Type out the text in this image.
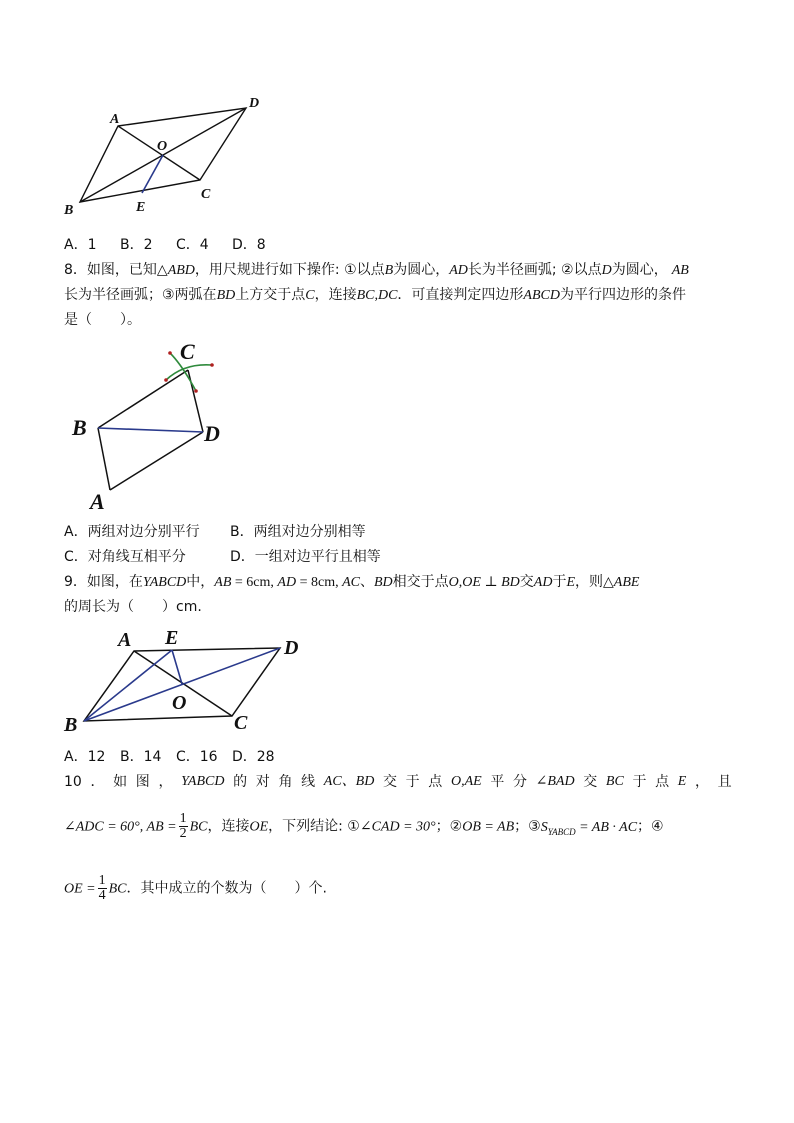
A
D
O
C
B	E
A．1 B．2 C．4 D．8
8．如图，已知△ABD，用尺规进行如下操作: ①以点B为圆心，AD长为半径画弧; ②以点D为圆心， AB
长为半径画弧；③两弧在BD上方交于点C，连接BC,DC．可直接判定四边形ABCD为平行四边形的条件
是（　　）。
C
B	D
A
A．两组对边分别平行 B．两组对边分别相等
C．对角线互相平分	D．一组对边平行且相等
9．如图，在YABCD中，AB = 6cm, AD = 8cm, AC、BD相交于点O,OE ⊥ BD交AD于E，则△ABE
的周长为（　　）cm.
A E	D
O
B	C
A．12 B．14 C．16 D．28
10 ． 如 图 ， YABCD 的 对 角 线 AC、BD 交 于 点 O,AE 平 分 ∠BAD 交 BC 于 点 E ， 且
∠ADC = 60°, AB = $\frac{1}{2}$ BC，连接OE，下列结论: ①∠CAD = 30°；②OB = AB；$③S_{YABCD}$ = AB · AC；④
OE = $\frac{1}{4}$ BC．其中成立的个数为（　　）个.
